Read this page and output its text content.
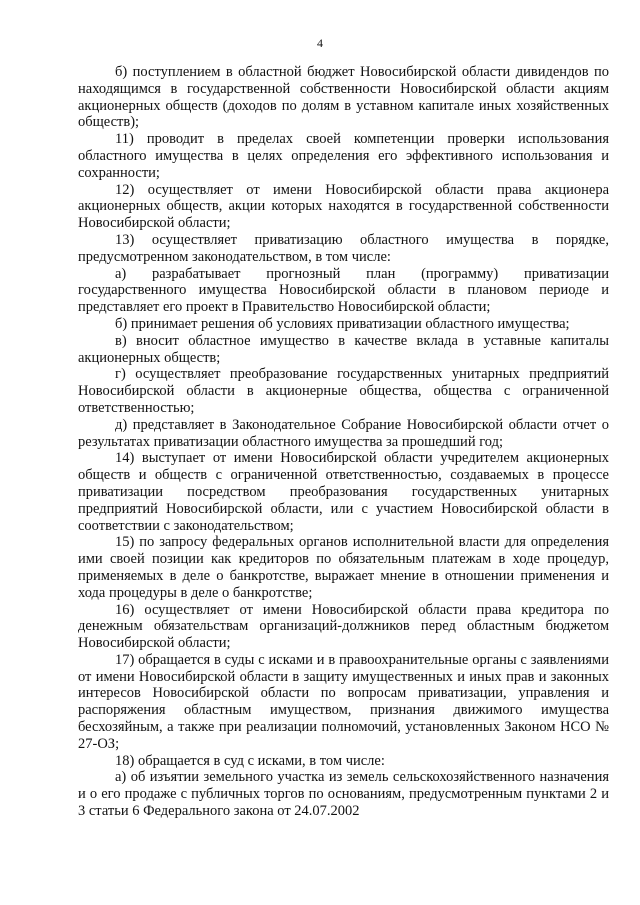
4

б) поступлением в областной бюджет Новосибирской области дивидендов по находящимся в государственной собственности Новосибирской области акциям акционерных обществ (доходов по долям в уставном капитале иных хозяйственных обществ);

11) проводит в пределах своей компетенции проверки использования областного имущества в целях определения его эффективного использования и сохранности;

12) осуществляет от имени Новосибирской области права акционера акционерных обществ, акции которых находятся в государственной собственности Новосибирской области;

13) осуществляет приватизацию областного имущества в порядке, предусмотренном законодательством, в том числе:

а) разрабатывает прогнозный план (программу) приватизации государственного имущества Новосибирской области в плановом периоде и представляет его проект в Правительство Новосибирской области;

б) принимает решения об условиях приватизации областного имущества;

в) вносит областное имущество в качестве вклада в уставные капиталы акционерных обществ;

г) осуществляет преобразование государственных унитарных предприятий Новосибирской области в акционерные общества, общества с ограниченной ответственностью;

д) представляет в Законодательное Собрание Новосибирской области отчет о результатах приватизации областного имущества за прошедший год;

14) выступает от имени Новосибирской области учредителем акционерных обществ и обществ с ограниченной ответственностью, создаваемых в процессе приватизации посредством преобразования государственных унитарных предприятий Новосибирской области, или с участием Новосибирской области в соответствии с законодательством;

15) по запросу федеральных органов исполнительной власти для определения ими своей позиции как кредиторов по обязательным платежам в ходе процедур, применяемых в деле о банкротстве, выражает мнение в отношении применения и хода процедуры в деле о банкротстве;

16) осуществляет от имени Новосибирской области права кредитора по денежным обязательствам организаций-должников перед областным бюджетом Новосибирской области;

17) обращается в суды с исками и в правоохранительные органы с заявлениями от имени Новосибирской области в защиту имущественных и иных прав и законных интересов Новосибирской области по вопросам приватизации, управления и распоряжения областным имуществом, признания движимого имущества бесхозяйным, а также при реализации полномочий, установленных Законом НСО № 27-ОЗ;

18) обращается в суд с исками, в том числе:

а) об изъятии земельного участка из земель сельскохозяйственного назначения и о его продаже с публичных торгов по основаниям, предусмотренным пунктами 2 и 3 статьи 6 Федерального закона от 24.07.2002
